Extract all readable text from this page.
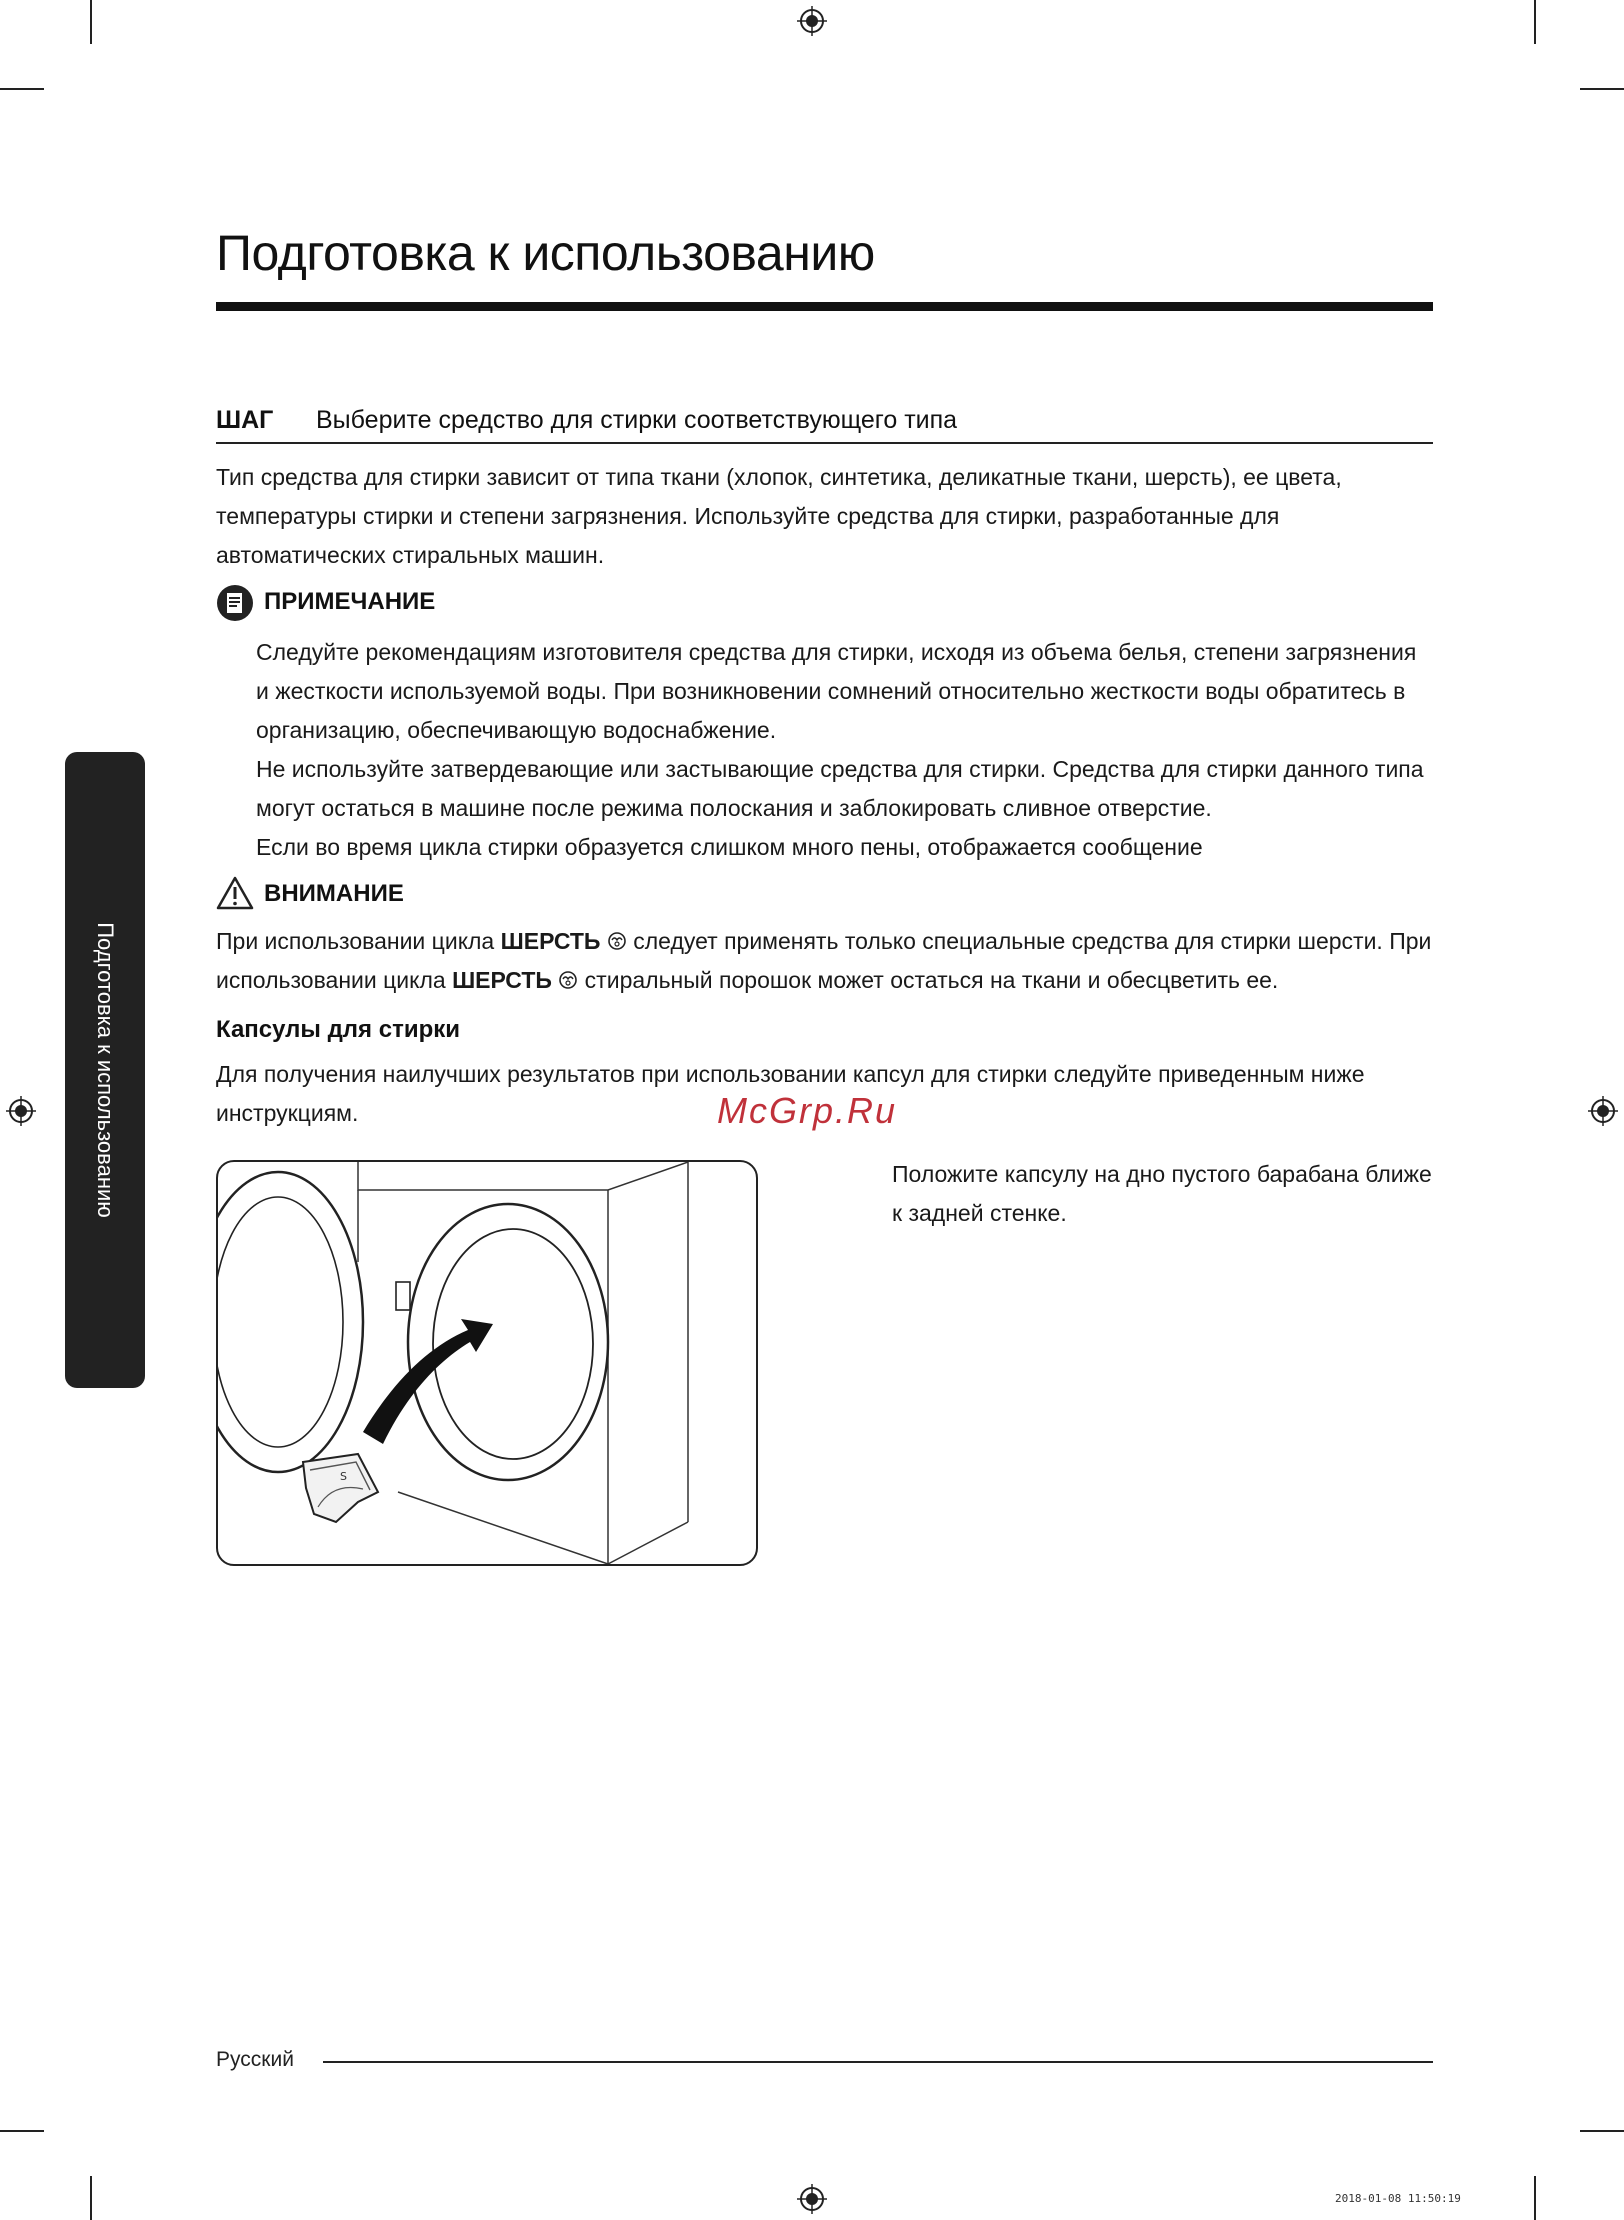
Подготовка к использованию
ШАГ Выберите средство для стирки соответствующего типа

Тип средства для стирки зависит от типа ткани (хлопок, синтетика, деликатные ткани, шерсть), ее цвета,

температуры стирки и степени загрязнения. Используйте средства для стирки, разработанные для

автоматических стиральных машин.

ПРИМЕЧАНИЕ

Следуйте рекомендациям изготовителя средства для стирки, исходя из объема белья, степени загрязнения

и жесткости используемой воды. При возникновении сомнений относительно жесткости воды обратитесь в

организацию, обеспечивающую водоснабжение.

Не используйте затвердевающие или застывающие средства для стирки. Средства для стирки данного типа

могут остаться в машине после режима полоскания и заблокировать сливное отверстие.

Если во время цикла стирки образуется слишком много пены, отображается сообщение

ВНИМАНИЕ

При использовании цикла ШЕРСТЬ  следует применять только специальные средства для стирки шерсти. При

использовании цикла ШЕРСТЬ  стиральный порошок может остаться на ткани и обесцветить ее.

Капсулы для стирки

Для получения наилучших результатов при использовании капсул для стирки следуйте приведенным ниже

инструкциям.	McGrp.Ru
S

Положите капсулу на дно пустого барабана ближе

к задней стенке.

Подготовка к использованию
Русский
2018-01-08 11:50:19
